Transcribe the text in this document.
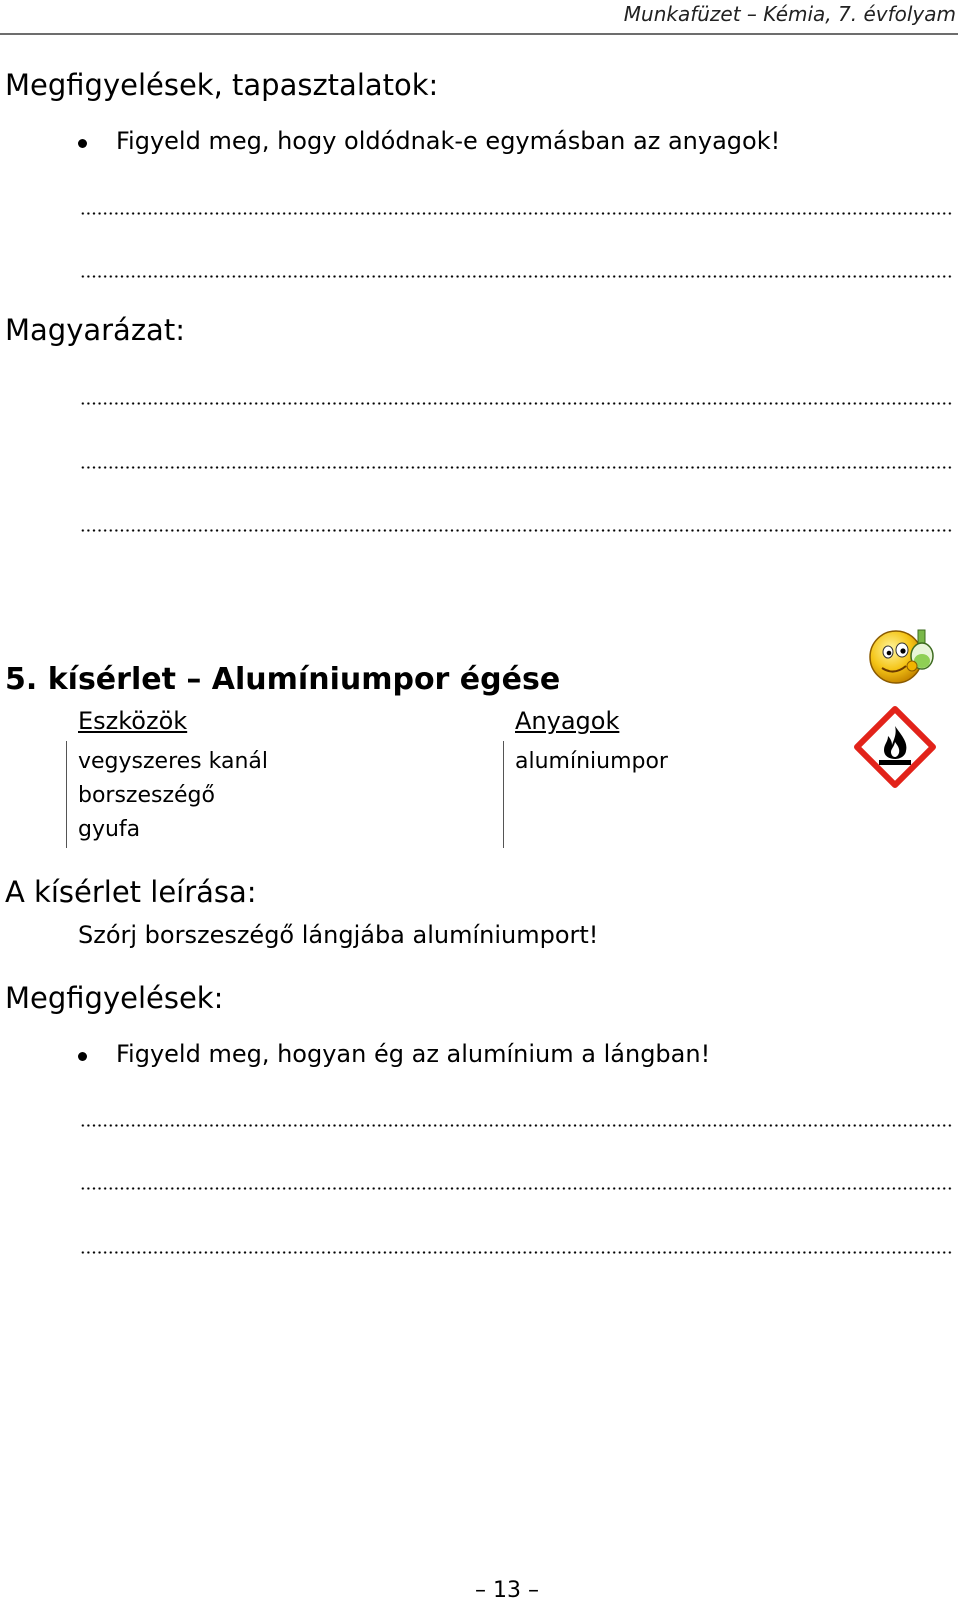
Munkafüzet – Kémia, 7. évfolyam
Megfigyelések, tapasztalatok:
Figyeld meg, hogy oldódnak-e egymásban az anyagok!
Magyarázat:
5. kísérlet – Alumíniumpor égése
Eszközök
vegyszeres kanál
borszeszégő
gyufa
Anyagok
alumíniumpor
A kísérlet leírása:
Szórj borszeszégő lángjába alumíniumport!
Megfigyelések:
Figyeld meg, hogyan ég az alumínium a lángban!
– 13 –
